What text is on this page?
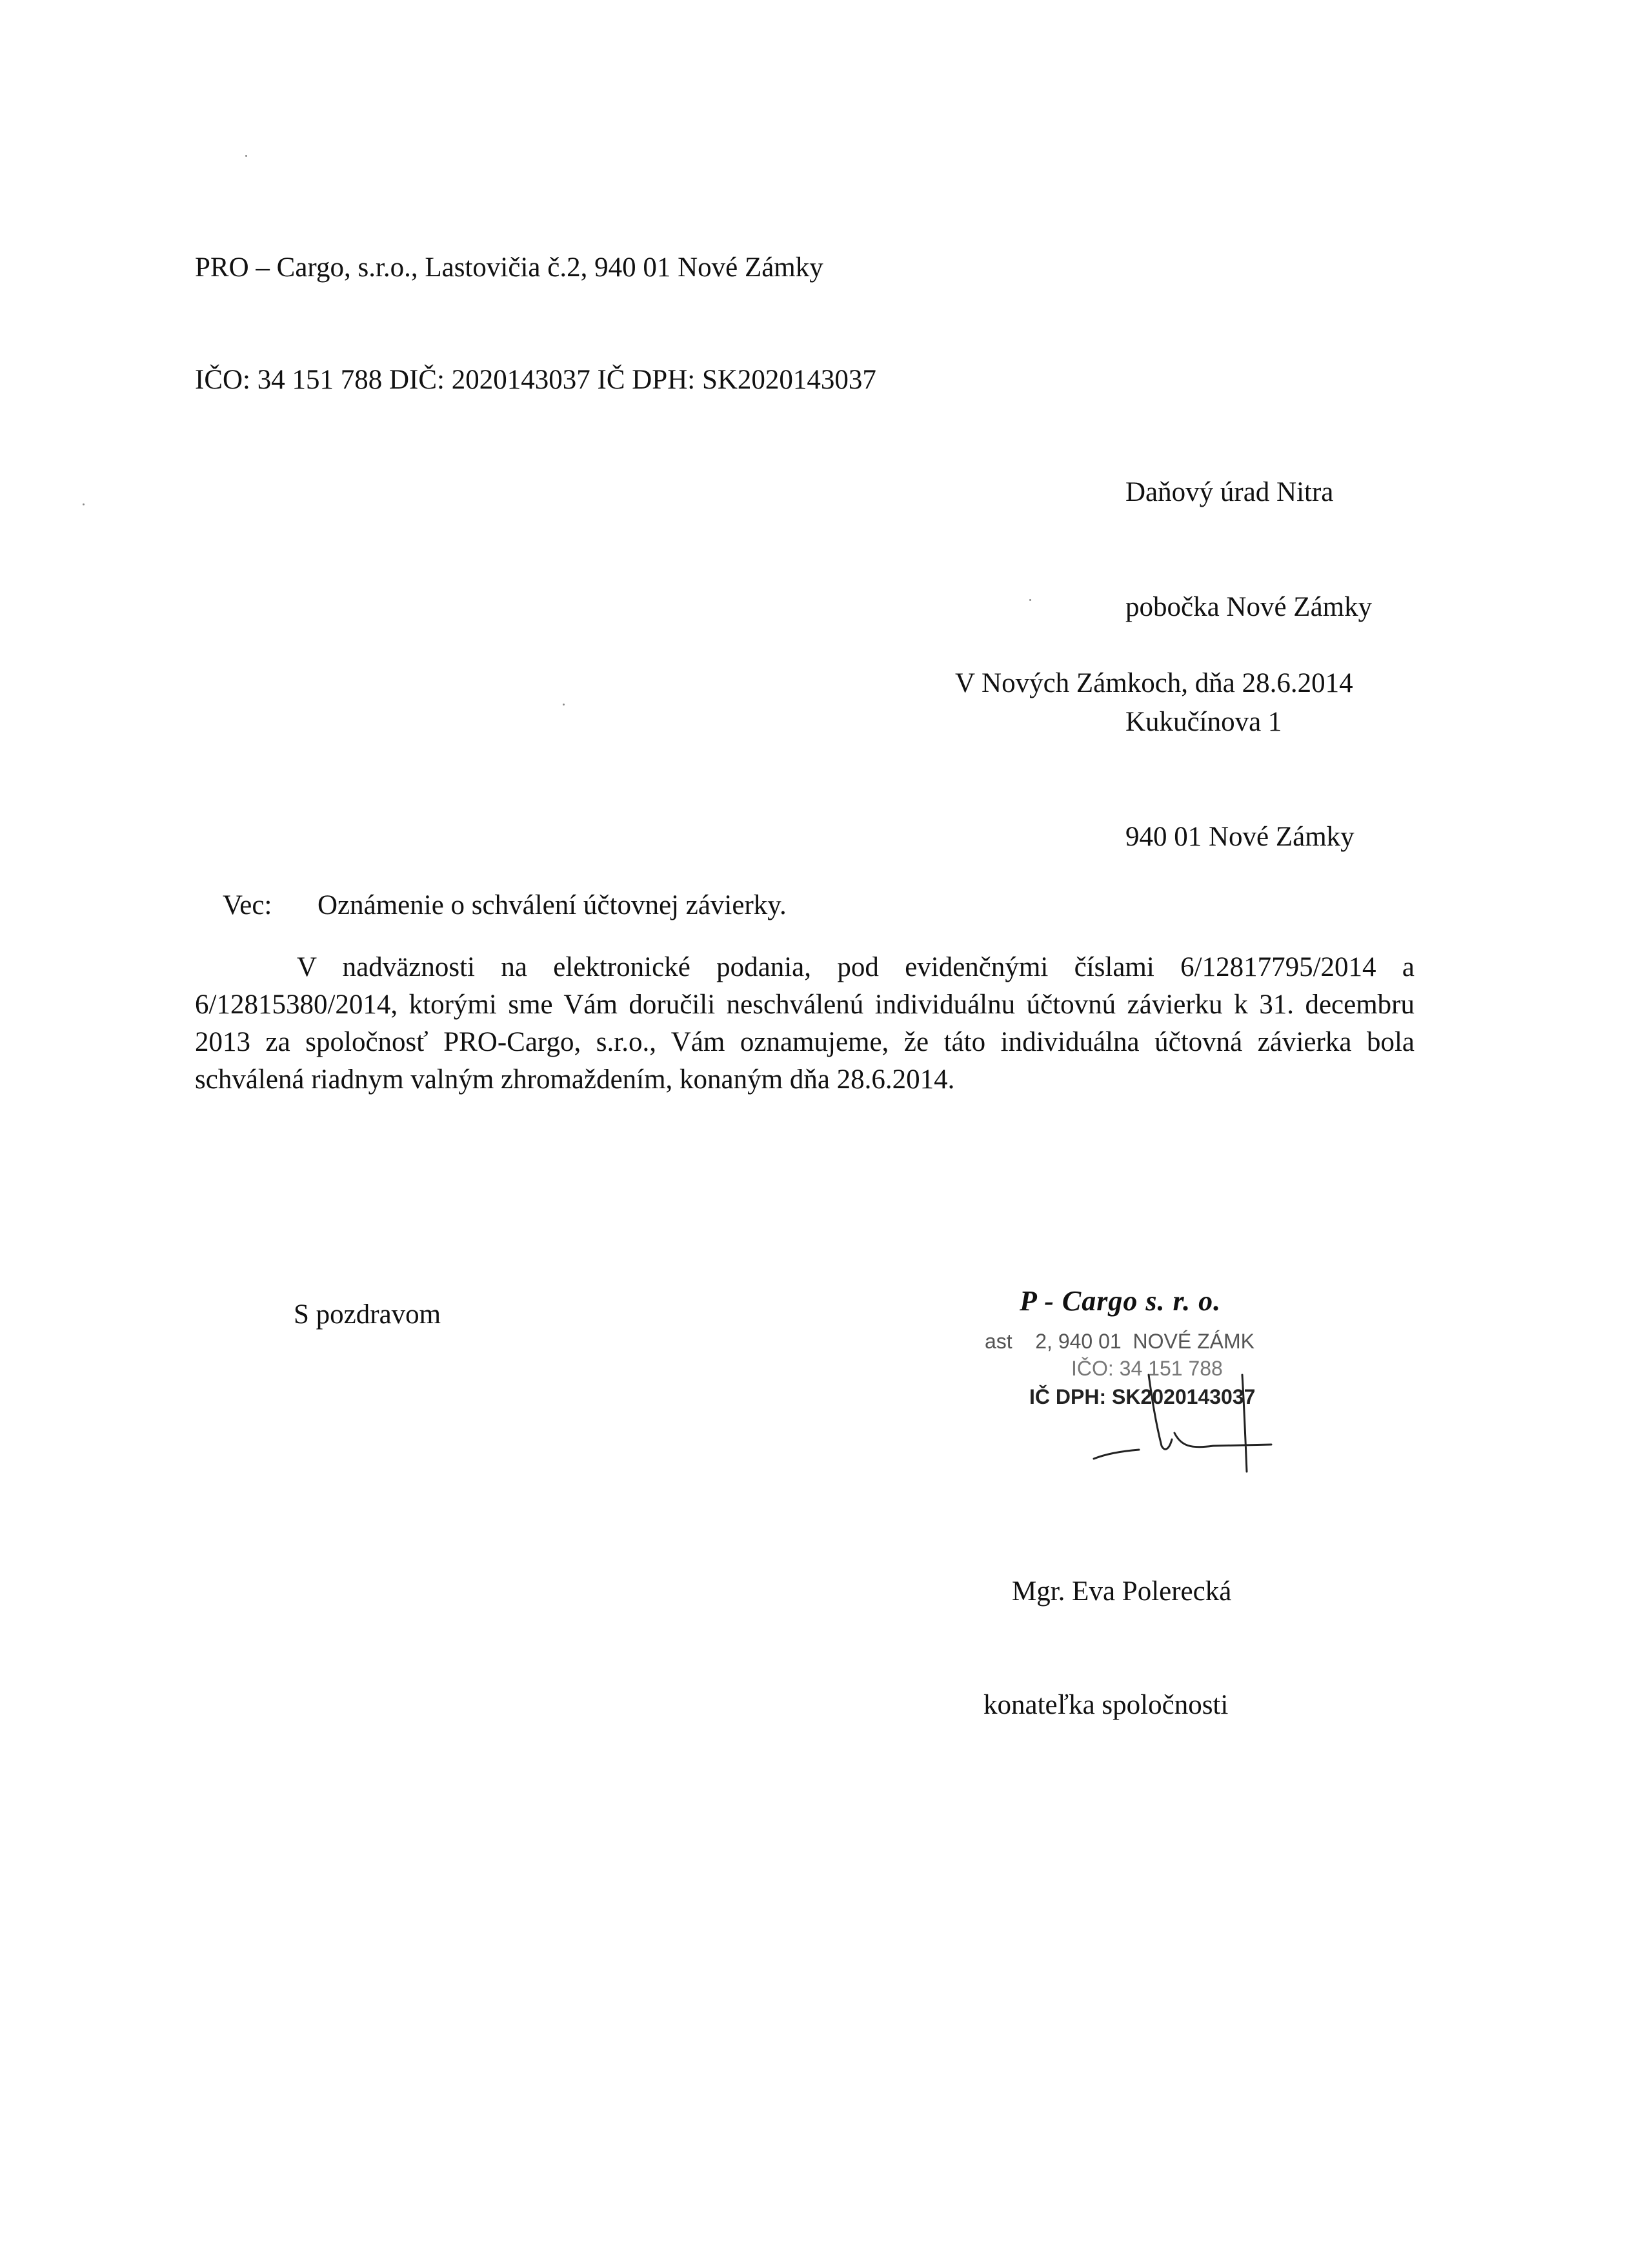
PRO – Cargo, s.r.o., Lastovičia č.2, 940 01 Nové Zámky

IČO: 34 151 788 DIČ: 2020143037 IČ DPH: SK2020143037

Daňový úrad Nitra

pobočka Nové Zámky

Kukučínova 1

940 01 Nové Zámky

V Nových Zámkoch, dňa 28.6.2014

Vec: Oznámenie o schválení účtovnej závierky.

V nadväznosti na elektronické podania, pod evidenčnými číslami 6/12817795/2014 a 6/12815380/2014, ktorými sme Vám doručili neschválenú individuálnu účtovnú závierku k 31. decembru 2013 za spoločnosť PRO-Cargo, s.r.o., Vám oznamujeme, že táto individuálna účtovná závierka bola schválená riadnym valným zhromaždením, konaným dňa 28.6.2014.

S pozdravom	P - Cargo s. r. o.
ast    2, 940 01  NOVÉ ZÁMK
IČO: 34 151 788
IČ DPH: SK2020143037

Mgr. Eva Polerecká

konateľka spoločnosti
